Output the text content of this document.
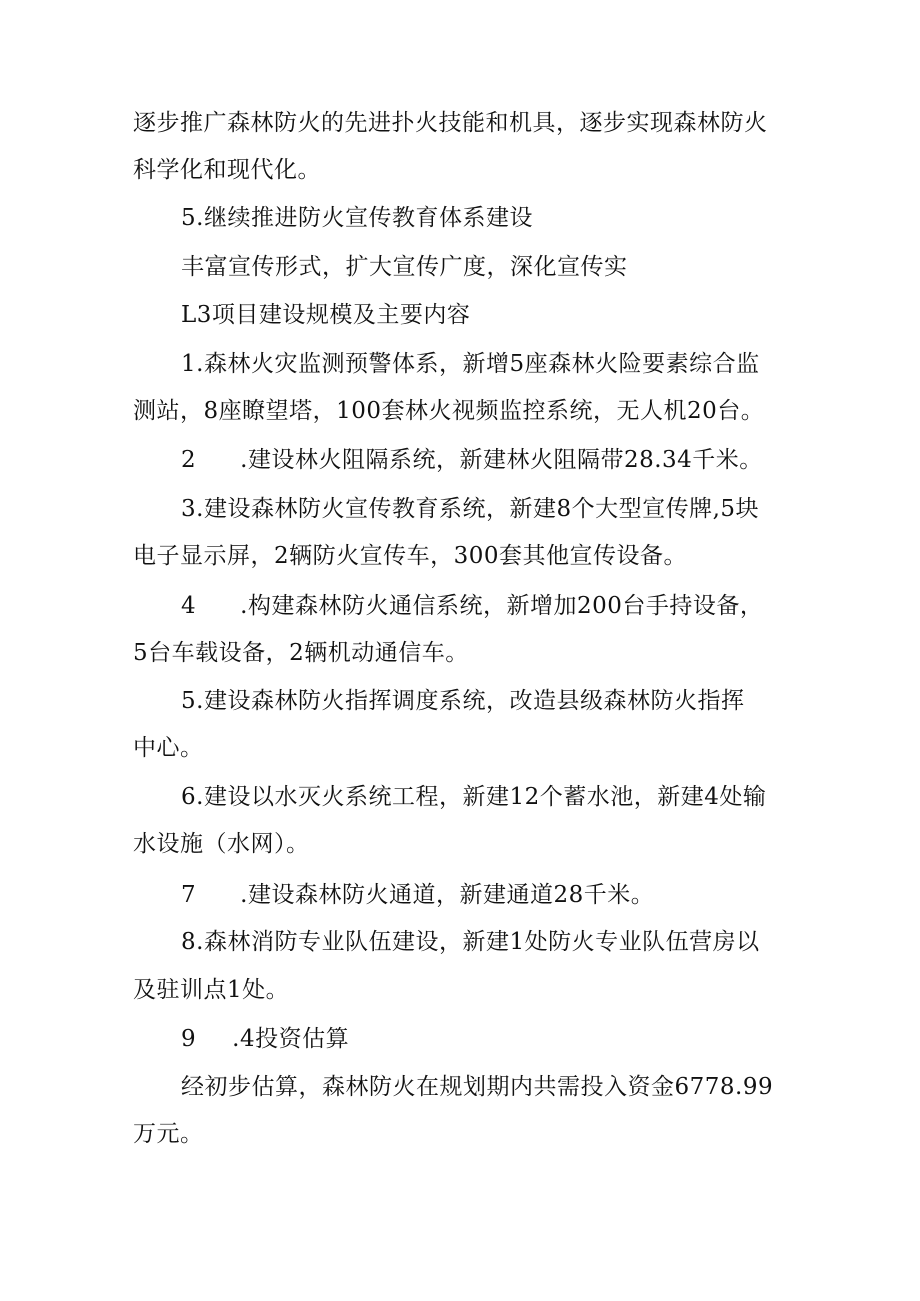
逐步推广森林防火的先进扑火技能和机具，逐步实现森林防火
科学化和现代化。
5.继续推进防火宣传教育体系建设
丰富宣传形式，扩大宣传广度，深化宣传实
L3项目建设规模及主要内容
1.森林火灾监测预警体系，新增5座森林火险要素综合监
测站，8座瞭望塔，100套林火视频监控系统，无人机20台。
2 .建设林火阻隔系统，新建林火阻隔带28.34千米。
3.建设森林防火宣传教育系统，新建8个大型宣传牌,5块
电子显示屏，2辆防火宣传车，300套其他宣传设备。
4 .构建森林防火通信系统，新增加200台手持设备，
5台车载设备，2辆机动通信车。
5.建设森林防火指挥调度系统，改造县级森林防火指挥
中心。
6.建设以水灭火系统工程，新建12个蓄水池，新建4处输
水设施（水网）。
7 .建设森林防火通道，新建通道28千米。
8.森林消防专业队伍建设，新建1处防火专业队伍营房以
及驻训点1处。
9 .4投资估算
经初步估算，森林防火在规划期内共需投入资金6778.99
万元。
